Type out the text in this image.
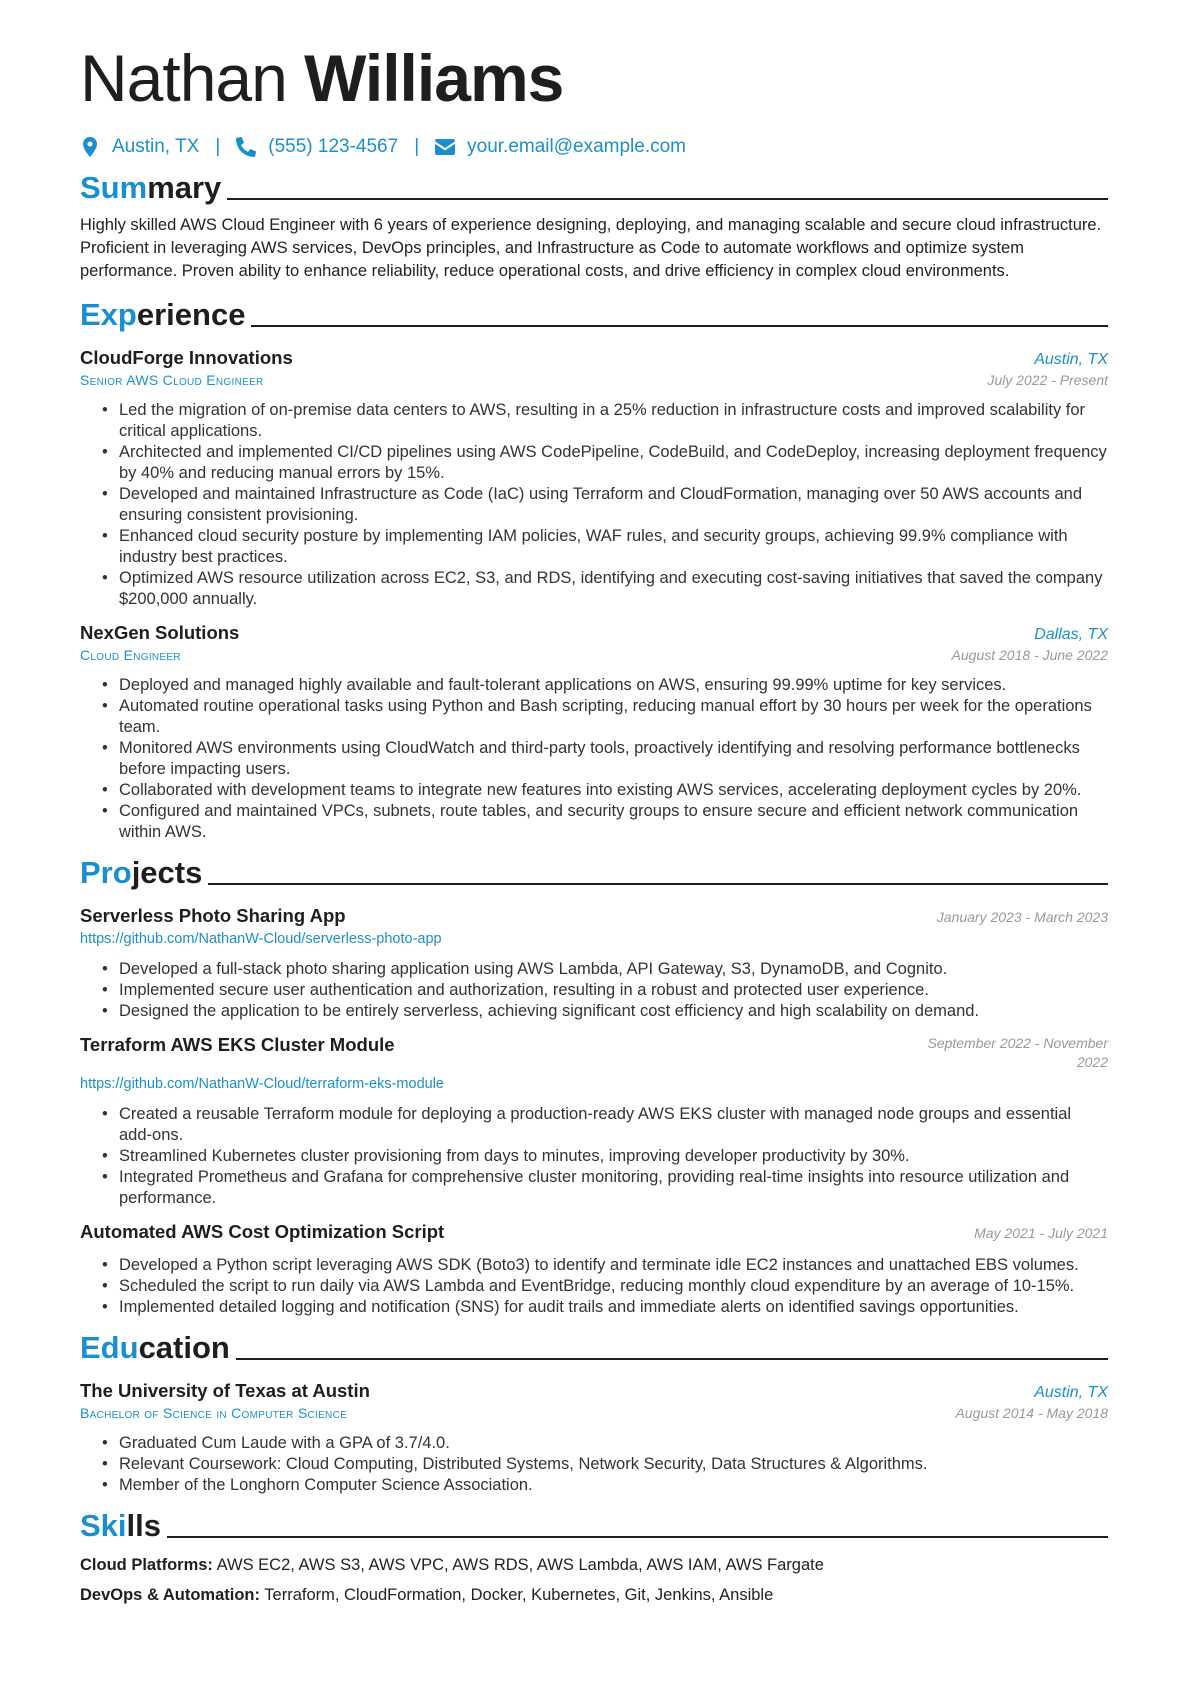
Nathan Williams
Austin, TX |	(555) 123-4567 |	your.email@example.com
Summary
Highly skilled AWS Cloud Engineer with 6 years of experience designing, deploying, and managing scalable and secure cloud infrastructure. Proficient in leveraging AWS services, DevOps principles, and Infrastructure as Code to automate workflows and optimize system performance. Proven ability to enhance reliability, reduce operational costs, and drive efficiency in complex cloud environments.
Experience
CloudForge Innovations	Austin, TX
Senior AWS Cloud Engineer	July 2022 - Present
• Led the migration of on-premise data centers to AWS, resulting in a 25% reduction in infrastructure costs and improved scalability for critical applications.
• Architected and implemented CI/CD pipelines using AWS CodePipeline, CodeBuild, and CodeDeploy, increasing deployment frequency by 40% and reducing manual errors by 15%.
• Developed and maintained Infrastructure as Code (IaC) using Terraform and CloudFormation, managing over 50 AWS accounts and ensuring consistent provisioning.
• Enhanced cloud security posture by implementing IAM policies, WAF rules, and security groups, achieving 99.9% compliance with industry best practices.
• Optimized AWS resource utilization across EC2, S3, and RDS, identifying and executing cost-saving initiatives that saved the company $200,000 annually.
NexGen Solutions	Dallas, TX
Cloud Engineer	August 2018 - June 2022
• Deployed and managed highly available and fault-tolerant applications on AWS, ensuring 99.99% uptime for key services.
• Automated routine operational tasks using Python and Bash scripting, reducing manual effort by 30 hours per week for the operations team.
• Monitored AWS environments using CloudWatch and third-party tools, proactively identifying and resolving performance bottlenecks before impacting users.
• Collaborated with development teams to integrate new features into existing AWS services, accelerating deployment cycles by 20%.
• Configured and maintained VPCs, subnets, route tables, and security groups to ensure secure and efficient network communication within AWS.
Projects
Serverless Photo Sharing App	January 2023 - March 2023
https://github.com/NathanW-Cloud/serverless-photo-app
• Developed a full-stack photo sharing application using AWS Lambda, API Gateway, S3, DynamoDB, and Cognito.
• Implemented secure user authentication and authorization, resulting in a robust and protected user experience.
• Designed the application to be entirely serverless, achieving significant cost efficiency and high scalability on demand.
Terraform AWS EKS Cluster Module	September 2022 - November 2022
https://github.com/NathanW-Cloud/terraform-eks-module
• Created a reusable Terraform module for deploying a production-ready AWS EKS cluster with managed node groups and essential add-ons.
• Streamlined Kubernetes cluster provisioning from days to minutes, improving developer productivity by 30%.
• Integrated Prometheus and Grafana for comprehensive cluster monitoring, providing real-time insights into resource utilization and performance.
Automated AWS Cost Optimization Script	May 2021 - July 2021
• Developed a Python script leveraging AWS SDK (Boto3) to identify and terminate idle EC2 instances and unattached EBS volumes.
• Scheduled the script to run daily via AWS Lambda and EventBridge, reducing monthly cloud expenditure by an average of 10-15%.
• Implemented detailed logging and notification (SNS) for audit trails and immediate alerts on identified savings opportunities.
Education
The University of Texas at Austin	Austin, TX
Bachelor of Science in Computer Science	August 2014 - May 2018
• Graduated Cum Laude with a GPA of 3.7/4.0.
• Relevant Coursework: Cloud Computing, Distributed Systems, Network Security, Data Structures & Algorithms.
• Member of the Longhorn Computer Science Association.
Skills
Cloud Platforms: AWS EC2, AWS S3, AWS VPC, AWS RDS, AWS Lambda, AWS IAM, AWS Fargate
DevOps & Automation: Terraform, CloudFormation, Docker, Kubernetes, Git, Jenkins, Ansible
